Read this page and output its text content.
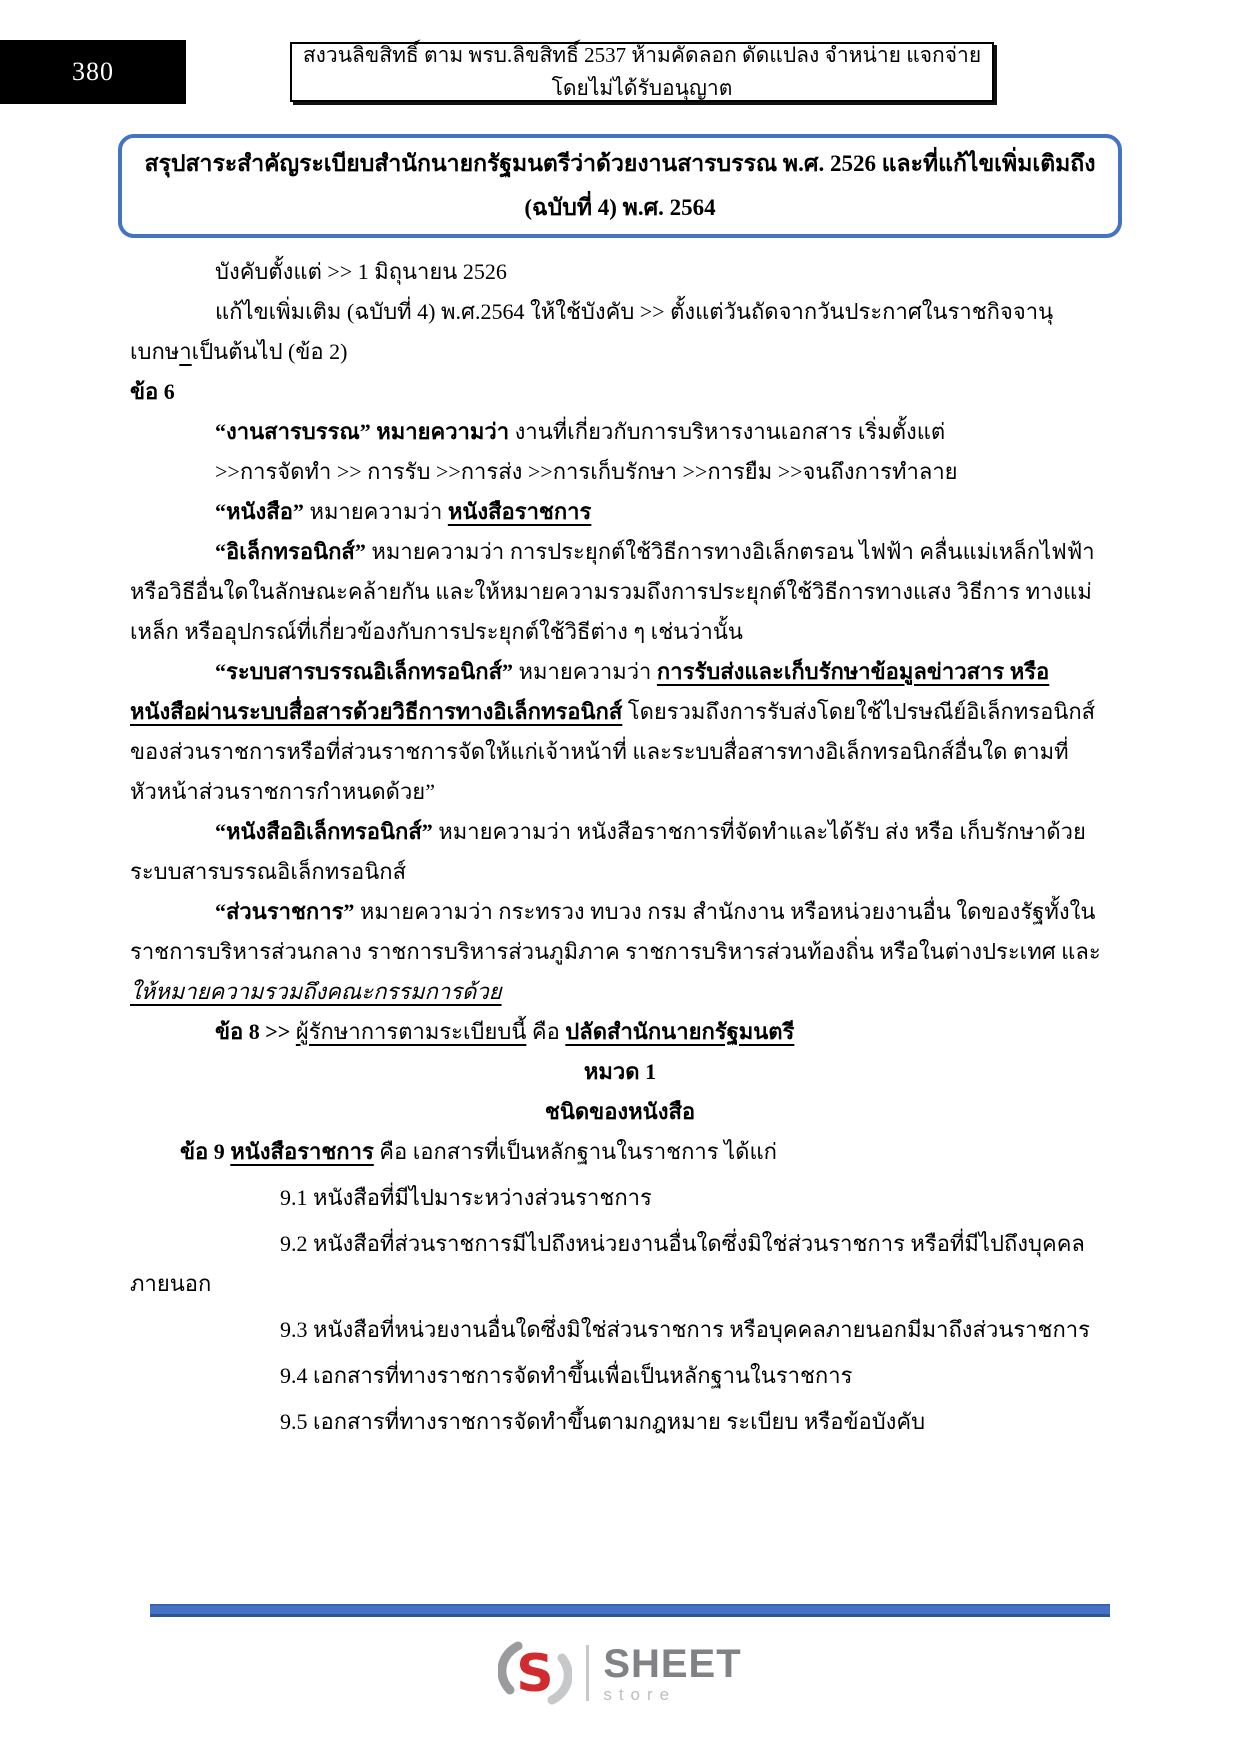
380
สงวนลิขสิทธิ์ ตาม พรบ.ลิขสิทธิ์ 2537 ห้ามคัดลอก ดัดแปลง จำหน่าย แจกจ่าย โดยไม่ได้รับอนุญาต
สรุปสาระสำคัญระเบียบสำนักนายกรัฐมนตรีว่าด้วยงานสารบรรณ พ.ศ. 2526 และที่แก้ไขเพิ่มเติมถึง
(ฉบับที่ 4) พ.ศ. 2564
บังคับตั้งแต่ >> 1 มิถุนายน 2526
แก้ไขเพิ่มเติม (ฉบับที่ 4) พ.ศ.2564 ให้ใช้บังคับ >> ตั้งแต่วันถัดจากวันประกาศในราชกิจจานุเบกษาเป็นต้นไป (ข้อ 2)
ข้อ 6
“งานสารบรรณ” หมายความว่า งานที่เกี่ยวกับการบริหารงานเอกสาร เริ่มตั้งแต่
>>การจัดทำ >> การรับ >>การส่ง >>การเก็บรักษา >>การยืม >>จนถึงการทำลาย
“หนังสือ” หมายความว่า หนังสือราชการ
“อิเล็กทรอนิกส์” หมายความว่า การประยุกต์ใช้วิธีการทางอิเล็กตรอน ไฟฟ้า คลื่นแม่เหล็กไฟฟ้าหรือวิธีอื่นใดในลักษณะคล้ายกัน และให้หมายความรวมถึงการประยุกต์ใช้วิธีการทางแสง วิธีการ ทางแม่เหล็ก หรืออุปกรณ์ที่เกี่ยวข้องกับการประยุกต์ใช้วิธีต่าง ๆ เช่นว่านั้น
“ระบบสารบรรณอิเล็กทรอนิกส์” หมายความว่า การรับส่งและเก็บรักษาข้อมูลข่าวสาร หรือหนังสือผ่านระบบสื่อสารด้วยวิธีการทางอิเล็กทรอนิกส์ โดยรวมถึงการรับส่งโดยใช้ไปรษณีย์อิเล็กทรอนิกส์ของส่วนราชการหรือที่ส่วนราชการจัดให้แก่เจ้าหน้าที่ และระบบสื่อสารทางอิเล็กทรอนิกส์อื่นใด ตามที่หัวหน้าส่วนราชการกำหนดด้วย”
“หนังสืออิเล็กทรอนิกส์” หมายความว่า หนังสือราชการที่จัดทำและได้รับ ส่ง หรือ เก็บรักษาด้วยระบบสารบรรณอิเล็กทรอนิกส์
“ส่วนราชการ” หมายความว่า กระทรวง ทบวง กรม สำนักงาน หรือหน่วยงานอื่น ใดของรัฐทั้งในราชการบริหารส่วนกลาง ราชการบริหารส่วนภูมิภาค ราชการบริหารส่วนท้องถิ่น หรือในต่างประเทศ และให้หมายความรวมถึงคณะกรรมการด้วย
ข้อ 8 >> ผู้รักษาการตามระเบียบนี้ คือ ปลัดสำนักนายกรัฐมนตรี
หมวด 1
ชนิดของหนังสือ
ข้อ 9 หนังสือราชการ คือ เอกสารที่เป็นหลักฐานในราชการ ได้แก่
9.1 หนังสือที่มีไปมาระหว่างส่วนราชการ
9.2 หนังสือที่ส่วนราชการมีไปถึงหน่วยงานอื่นใดซึ่งมิใช่ส่วนราชการ หรือที่มีไปถึงบุคคลภายนอก
9.3 หนังสือที่หน่วยงานอื่นใดซึ่งมิใช่ส่วนราชการ หรือบุคคลภายนอกมีมาถึงส่วนราชการ
9.4 เอกสารที่ทางราชการจัดทำขึ้นเพื่อเป็นหลักฐานในราชการ
9.5 เอกสารที่ทางราชการจัดทำขึ้นตามกฎหมาย ระเบียบ หรือข้อบังคับ
S SHEET
store
